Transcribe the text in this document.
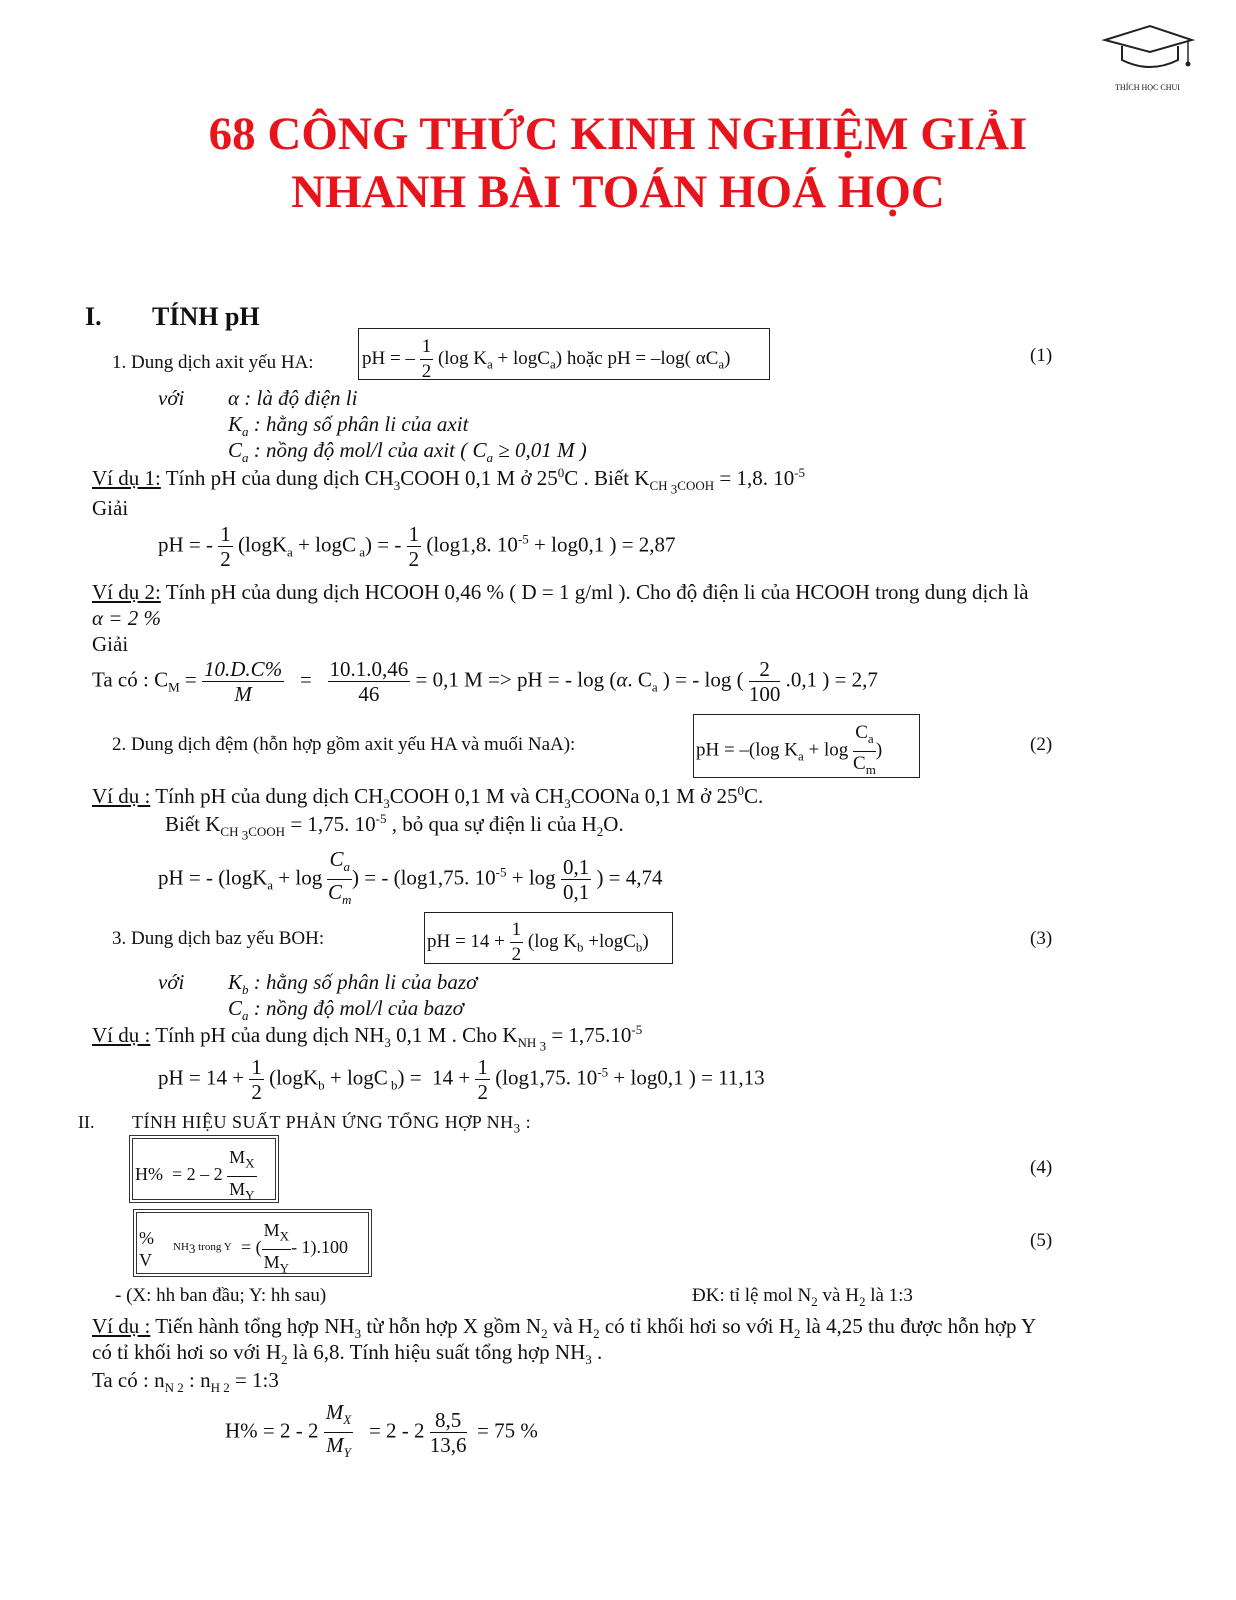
THÍCH HỌC CHUI
68 CÔNG THỨC KINH NGHIỆM GIẢI
NHANH BÀI TOÁN HOÁ HỌC
I. TÍNH pH
1. Dung dịch axit yếu HA:	pH = – $\frac{1}{2} (\log$ $K_a + \log C_a$) hoặc pH = –log( $\alpha C_a$)	(1)
với α : là độ điện li
$K_a$ : hằng số phân li của axit
$C_a$ : nồng độ mol/l của axit ( $C_a \ge 0,01$ M )
Ví dụ 1: Tính pH của dung dịch $CH_3COOH$ 0,1 M ở $25^0C$ . Biết $K_{CH _3COOH} = 1,8$. $10^{-5}$
Giải
pH = - $\frac{1}{2} (\log K_a + \log C$ $_a$) = - $\frac{1}{2} (\log 1,8$. $10^{-5} + \log 0,1$ ) = 2,87
Ví dụ 2: Tính pH của dung dịch HCOOH 0,46 % ( D = 1 g/ml ). Cho độ điện li của HCOOH trong dung dịch là
α = 2 %
Giải
Ta có : $C_M = \frac{10.D.C\%}{M} = \frac{10.1.0,46}{46} = 0,1$ M => pH = - log (α. $C_a$ ) = - log ( $\frac{2}{100} .0,1$ ) = 2,7
2. Dung dịch đệm (hỗn hợp gồm axit yếu HA và muối NaA):	pH = –(log $K_a + \log \frac{C_a}{C_m}$ )	(2)
Ví dụ : Tính pH của dung dịch $CH_3COOH$ 0,1 M và $CH_3COONa$ 0,1 M ở $25^0C$.
Biết $K_{CH _3COOH} = 1,75$. $10^{-5}$ , bỏ qua sự điện li của $H_2O$.
pH = - ($\log K_a + \log \frac{C_a}{C_m}$ ) = - (log1,75. $10^{-5} + \log \frac{0,1}{0,1}$ ) = 4,74
3. Dung dịch baz yếu BOH:	pH = $14 + \frac{1}{2} (\log$ $K_b +\log C_b$)	(3)
với $K_b$ : hằng số phân li của bazơ
$C_a$ : nồng độ mol/l của bazơ
Ví dụ : Tính pH của dung dịch $NH_3$ 0,1 M . Cho $K_{NH _3} = 1,75.10^{-5}$
pH = $14 + \frac{1}{2} (\log K_b + \log C$ $_b) = 14 + \frac{1}{2} (\log 1,75$. $10^{-5} + \log 0,1$ ) = 11,13
II. TÍNH HIỆU SUẤT PHẢN ỨNG TỔNG HỢP $NH_3$ :
$H\% = 2 - 2 \frac{M_X}{M_Y}$	(4)
%
V
$NH_3$ trong Y = ( $\frac{M_X}{M_Y} - 1).100$	(5)
- (X: hh ban đầu; Y: hh sau)	ĐK: tỉ lệ mol $N_2$ và $H_2$ là 1:3
Ví dụ : Tiến hành tổng hợp $NH_3$ từ hỗn hợp X gồm $N_2$ và $H_2$ có tỉ khối hơi so với $H_2$ là 4,25 thu được hỗn hợp Y
có tỉ khối hơi so với $H_2$ là 6,8. Tính hiệu suất tổng hợp $NH_3$ .
Ta có : $n_{N 2}$ : $n_{H 2}$ = 1:3
$H\% = 2 - 2 \frac{M_X}{M_Y} = 2 - 2 \frac{8,5}{13,6} = 75$ %
